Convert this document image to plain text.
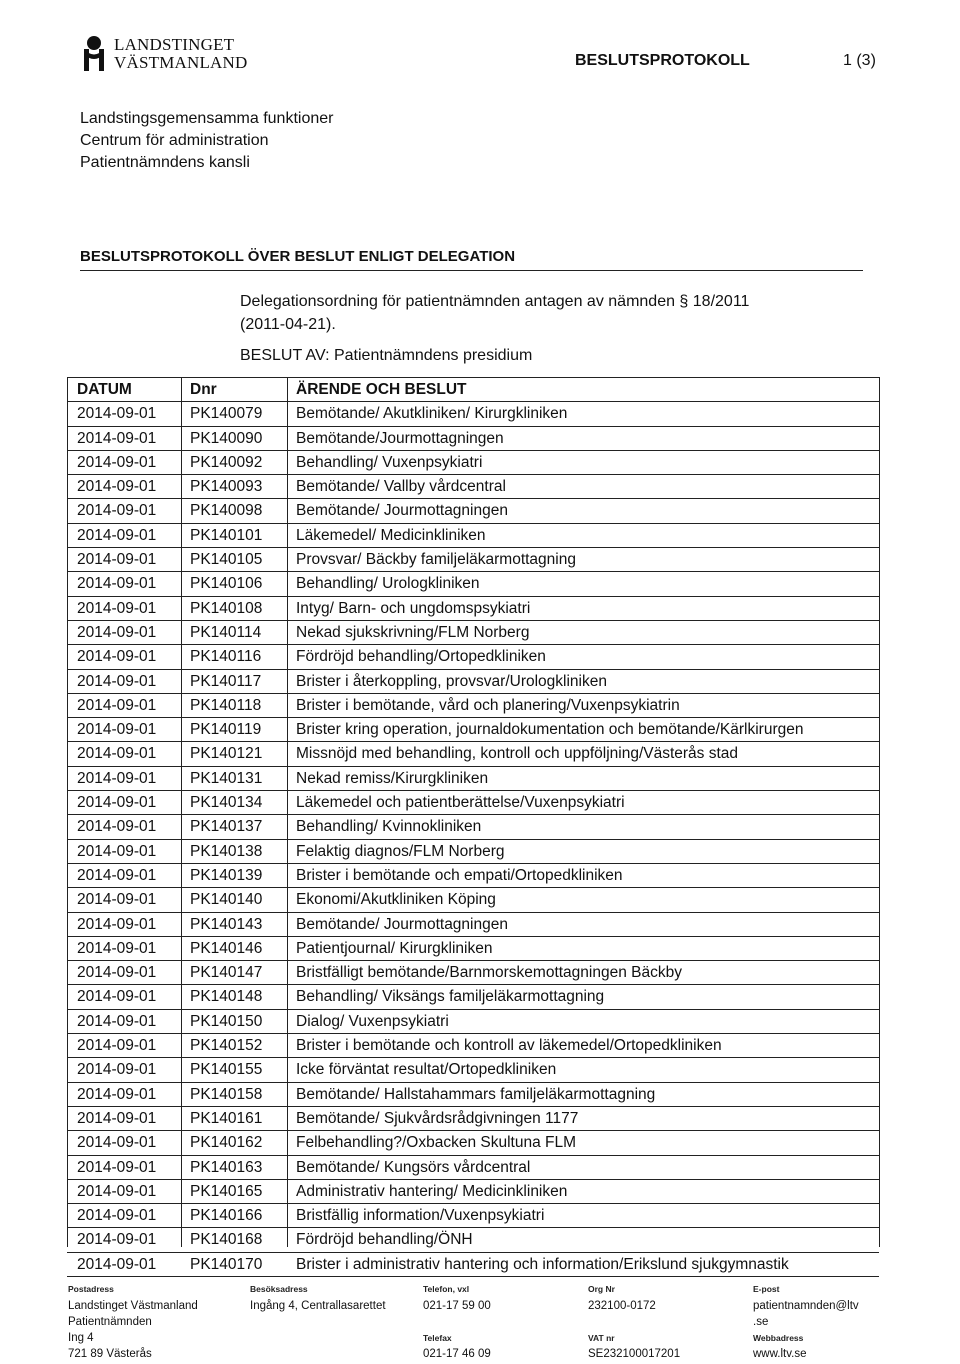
LANDSTINGET
VÄSTMANLAND	BESLUTSPROTOKOLL	1 (3)
Landstingsgemensamma funktioner
Centrum för administration
Patientnämndens kansli
BESLUTSPROTOKOLL ÖVER BESLUT ENLIGT DELEGATION
Delegationsordning för patientnämnden antagen av nämnden § 18/2011
(2011-04-21).
BESLUT AV: Patientnämndens presidium
DATUM	Dnr	ÄRENDE OCH BESLUT
2014-09-01 PK140079 Bemötande/ Akutkliniken/ Kirurgkliniken
2014-09-01 PK140090 Bemötande/Jourmottagningen
2014-09-01 PK140092 Behandling/ Vuxenpsykiatri
2014-09-01 PK140093 Bemötande/ Vallby vårdcentral
2014-09-01 PK140098 Bemötande/ Jourmottagningen
2014-09-01 PK140101 Läkemedel/ Medicinkliniken
2014-09-01 PK140105 Provsvar/ Bäckby familjeläkarmottagning
2014-09-01 PK140106 Behandling/ Urologkliniken
2014-09-01 PK140108 Intyg/ Barn- och ungdomspsykiatri
2014-09-01 PK140114 Nekad sjukskrivning/FLM Norberg
2014-09-01 PK140116 Fördröjd behandling/Ortopedkliniken
2014-09-01 PK140117 Brister i återkoppling, provsvar/Urologkliniken
2014-09-01 PK140118 Brister i bemötande, vård och planering/Vuxenpsykiatrin
2014-09-01 PK140119 Brister kring operation, journaldokumentation och bemötande/Kärlkirurgen
2014-09-01 PK140121 Missnöjd med behandling, kontroll och uppföljning/Västerås stad
2014-09-01 PK140131 Nekad remiss/Kirurgkliniken
2014-09-01 PK140134 Läkemedel och patientberättelse/Vuxenpsykiatri
2014-09-01 PK140137 Behandling/ Kvinnokliniken
2014-09-01 PK140138 Felaktig diagnos/FLM Norberg
2014-09-01 PK140139 Brister i bemötande och empati/Ortopedkliniken
2014-09-01 PK140140 Ekonomi/Akutkliniken Köping
2014-09-01 PK140143 Bemötande/ Jourmottagningen
2014-09-01 PK140146 Patientjournal/ Kirurgkliniken
2014-09-01 PK140147 Bristfälligt bemötande/Barnmorskemottagningen Bäckby
2014-09-01 PK140148 Behandling/ Viksängs familjeläkarmottagning
2014-09-01 PK140150 Dialog/ Vuxenpsykiatri
2014-09-01 PK140152 Brister i bemötande och kontroll av läkemedel/Ortopedkliniken
2014-09-01 PK140155 Icke förväntat resultat/Ortopedkliniken
2014-09-01 PK140158 Bemötande/ Hallstahammars familjeläkarmottagning
2014-09-01 PK140161 Bemötande/ Sjukvårdsrådgivningen 1177
2014-09-01 PK140162 Felbehandling?/Oxbacken Skultuna FLM
2014-09-01 PK140163 Bemötande/ Kungsörs vårdcentral
2014-09-01 PK140165 Administrativ hantering/ Medicinkliniken
2014-09-01 PK140166 Bristfällig information/Vuxenpsykiatri
2014-09-01 PK140168 Fördröjd behandling/ÖNH
2014-09-01 PK140170 Brister i administrativ hantering och information/Erikslund sjukgymnastik
Postadress
Landstinget Västmanland
Patientnämnden
Ing 4
721 89 Västerås
Besöksadress
Ingång 4, Centrallasarettet
Telefon, vxl
021-17 59 00

Telefax
021-17 46 09
Org Nr
232100-0172

VAT nr
SE232100017201
E-post
patientnamnden@ltv
.se
Webbadress
www.ltv.se
